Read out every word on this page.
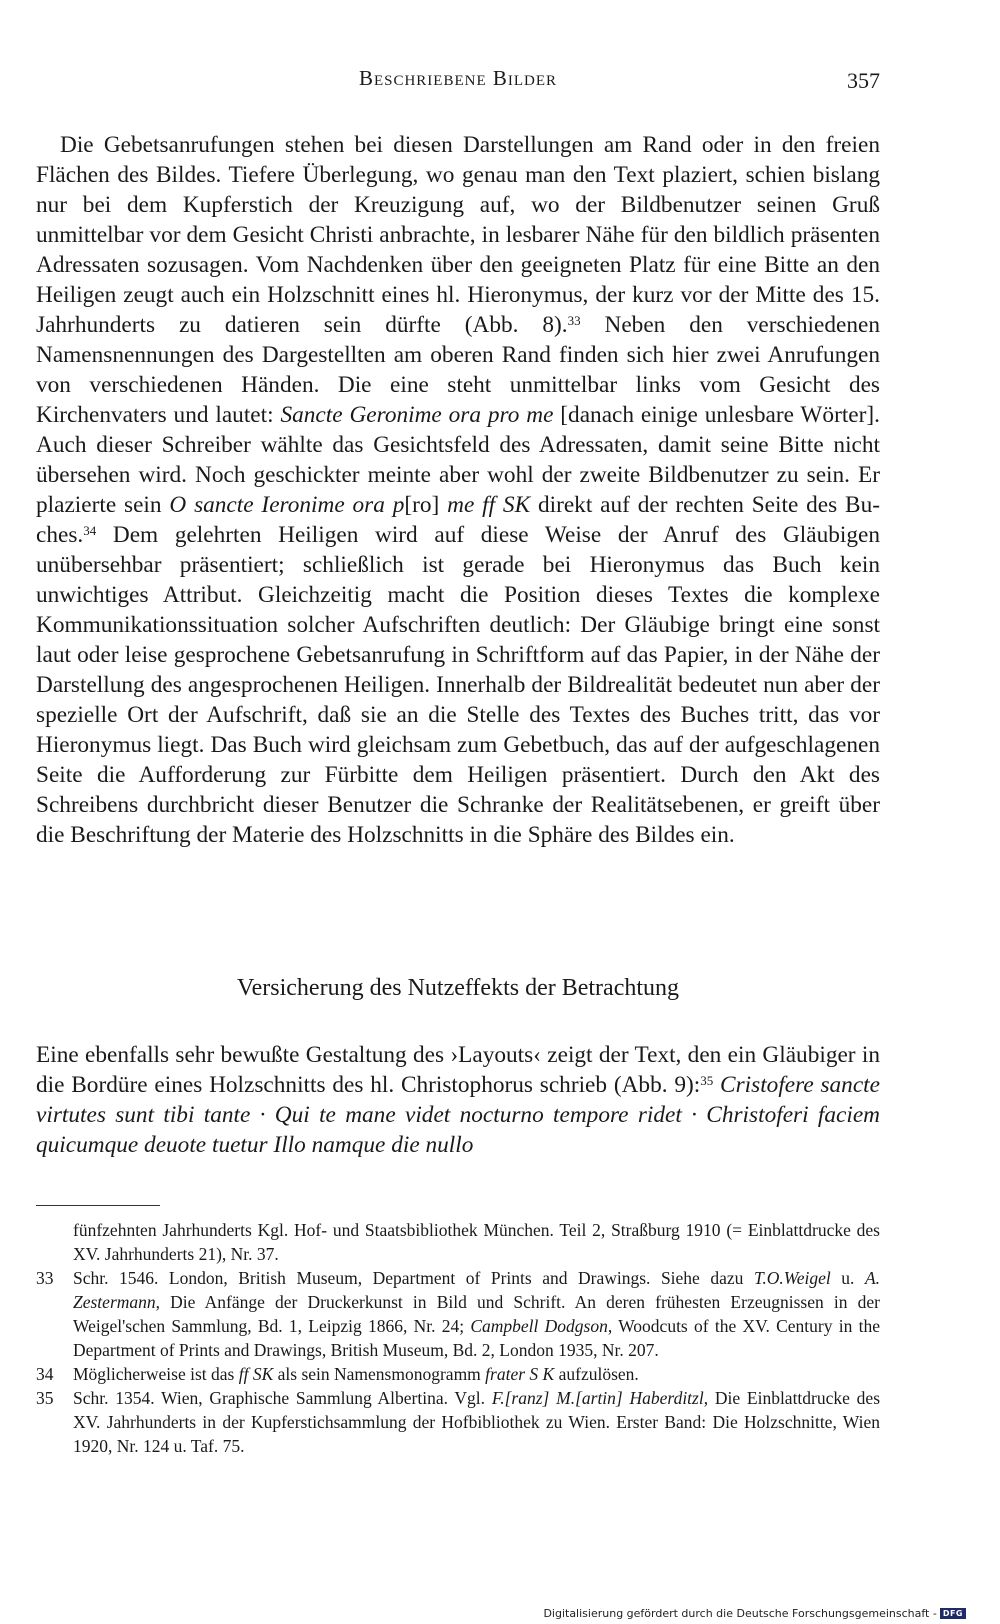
Beschriebene Bilder	357

Die Gebetsanrufungen stehen bei diesen Darstellungen am Rand oder in den freien Flächen des Bildes. Tiefere Überlegung, wo genau man den Text plaziert, schien bislang nur bei dem Kupferstich der Kreuzigung auf, wo der Bildbenutzer seinen Gruß unmittelbar vor dem Gesicht Christi anbrachte, in lesbarer Nähe für den bildlich präsenten Adressaten sozusagen. Vom Nachdenken über den geeigneten Platz für eine Bitte an den Heiligen zeugt auch ein Holzschnitt eines hl. Hieronymus, der kurz vor der Mitte des 15. Jahrhunderts zu datieren sein dürfte (Abb. 8).$^{33}$ Neben den verschiedenen Namensnennungen des Dargestellten am oberen Rand finden sich hier zwei Anrufungen von verschiedenen Händen. Die eine steht unmittelbar links vom Gesicht des Kirchenvaters und lautet: Sancte Geronime ora pro me [danach einige unlesbare Wörter]. Auch dieser Schreiber wählte das Gesichtsfeld des Adressaten, damit seine Bitte nicht übersehen wird. Noch geschickter meinte aber wohl der zweite Bildbenutzer zu sein. Er plazierte sein O sancte Ieronime ora p[ro] me ff SK direkt auf der rechten Seite des Buches.$^{34}$ Dem gelehrten Heiligen wird auf diese Weise der Anruf des Gläubigen unübersehbar präsentiert; schließlich ist gerade bei Hieronymus das Buch kein unwichtiges Attribut. Gleichzeitig macht die Position dieses Textes die komplexe Kommunikationssituation solcher Aufschriften deutlich: Der Gläubige bringt eine sonst laut oder leise gesprochene Gebetsanrufung in Schriftform auf das Papier, in der Nähe der Darstellung des angesprochenen Heiligen. Innerhalb der Bildrealität bedeutet nun aber der spezielle Ort der Aufschrift, daß sie an die Stelle des Textes des Buches tritt, das vor Hieronymus liegt. Das Buch wird gleichsam zum Gebetbuch, das auf der aufgeschlagenen Seite die Aufforderung zur Fürbitte dem Heiligen präsentiert. Durch den Akt des Schreibens durchbricht dieser Benutzer die Schranke der Realitätsebenen, er greift über die Beschriftung der Materie des Holzschnitts in die Sphäre des Bildes ein.

Versicherung des Nutzeffekts der Betrachtung

Eine ebenfalls sehr bewußte Gestaltung des ›Layouts‹ zeigt der Text, den ein Gläubiger in die Bordüre eines Holzschnitts des hl. Christophorus schrieb (Abb. 9):$^{35}$ Cristofere sancte virtutes sunt tibi tante · Qui te mane videt nocturno tempore ridet · Christoferi faciem quicumque deuote tuetur Illo namque die nullo

fünfzehnten Jahrhunderts Kgl. Hof- und Staatsbibliothek München. Teil 2, Straßburg 1910 (= Einblattdrucke des XV. Jahrhunderts 21), Nr. 37.
33 Schr. 1546. London, British Museum, Department of Prints and Drawings. Siehe dazu T.O.Weigel u. A. Zestermann, Die Anfänge der Druckerkunst in Bild und Schrift. An deren frühesten Erzeugnissen in der Weigel'schen Sammlung, Bd. 1, Leipzig 1866, Nr. 24; Campbell Dodgson, Woodcuts of the XV. Century in the Department of Prints and Drawings, British Museum, Bd. 2, London 1935, Nr. 207.
34 Möglicherweise ist das ff SK als sein Namensmonogramm frater S K aufzulösen.
35 Schr. 1354. Wien, Graphische Sammlung Albertina. Vgl. F.[ranz] M.[artin] Haberditzl, Die Einblattdrucke des XV. Jahrhunderts in der Kupferstichsammlung der Hofbibliothek zu Wien. Erster Band: Die Holzschnitte, Wien 1920, Nr. 124 u. Taf. 75.
Digitalisierung gefördert durch die Deutsche Forschungsgemeinschaft - DFG
